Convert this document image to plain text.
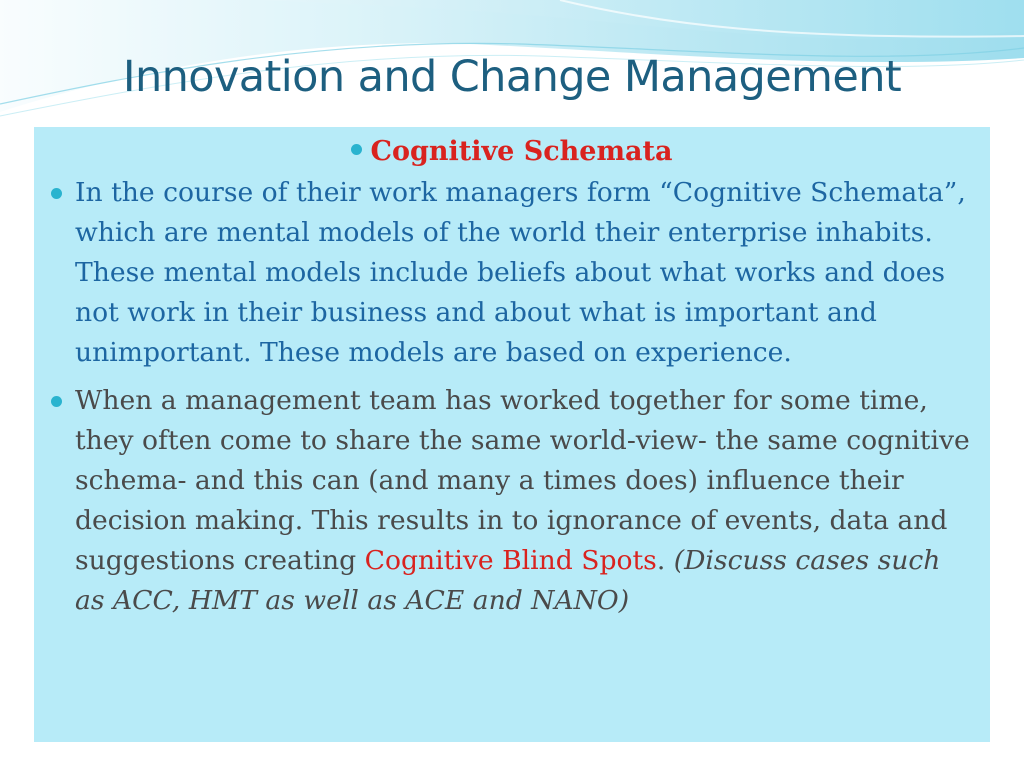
Innovation and Change Management
Cognitive Schemata
In the course of their work managers form “Cognitive Schemata”, which are mental models of the world their enterprise inhabits. These mental models include beliefs about what works and does not work in their business and about what is important and unimportant. These models are based on experience.
When a management team has worked together for some time, they often come to share the same world-view- the same cognitive schema- and this can (and many a times does) influence their decision making. This results in to ignorance of events, data and suggestions creating Cognitive Blind Spots. (Discuss cases such as ACC, HMT as well as ACE and NANO)
